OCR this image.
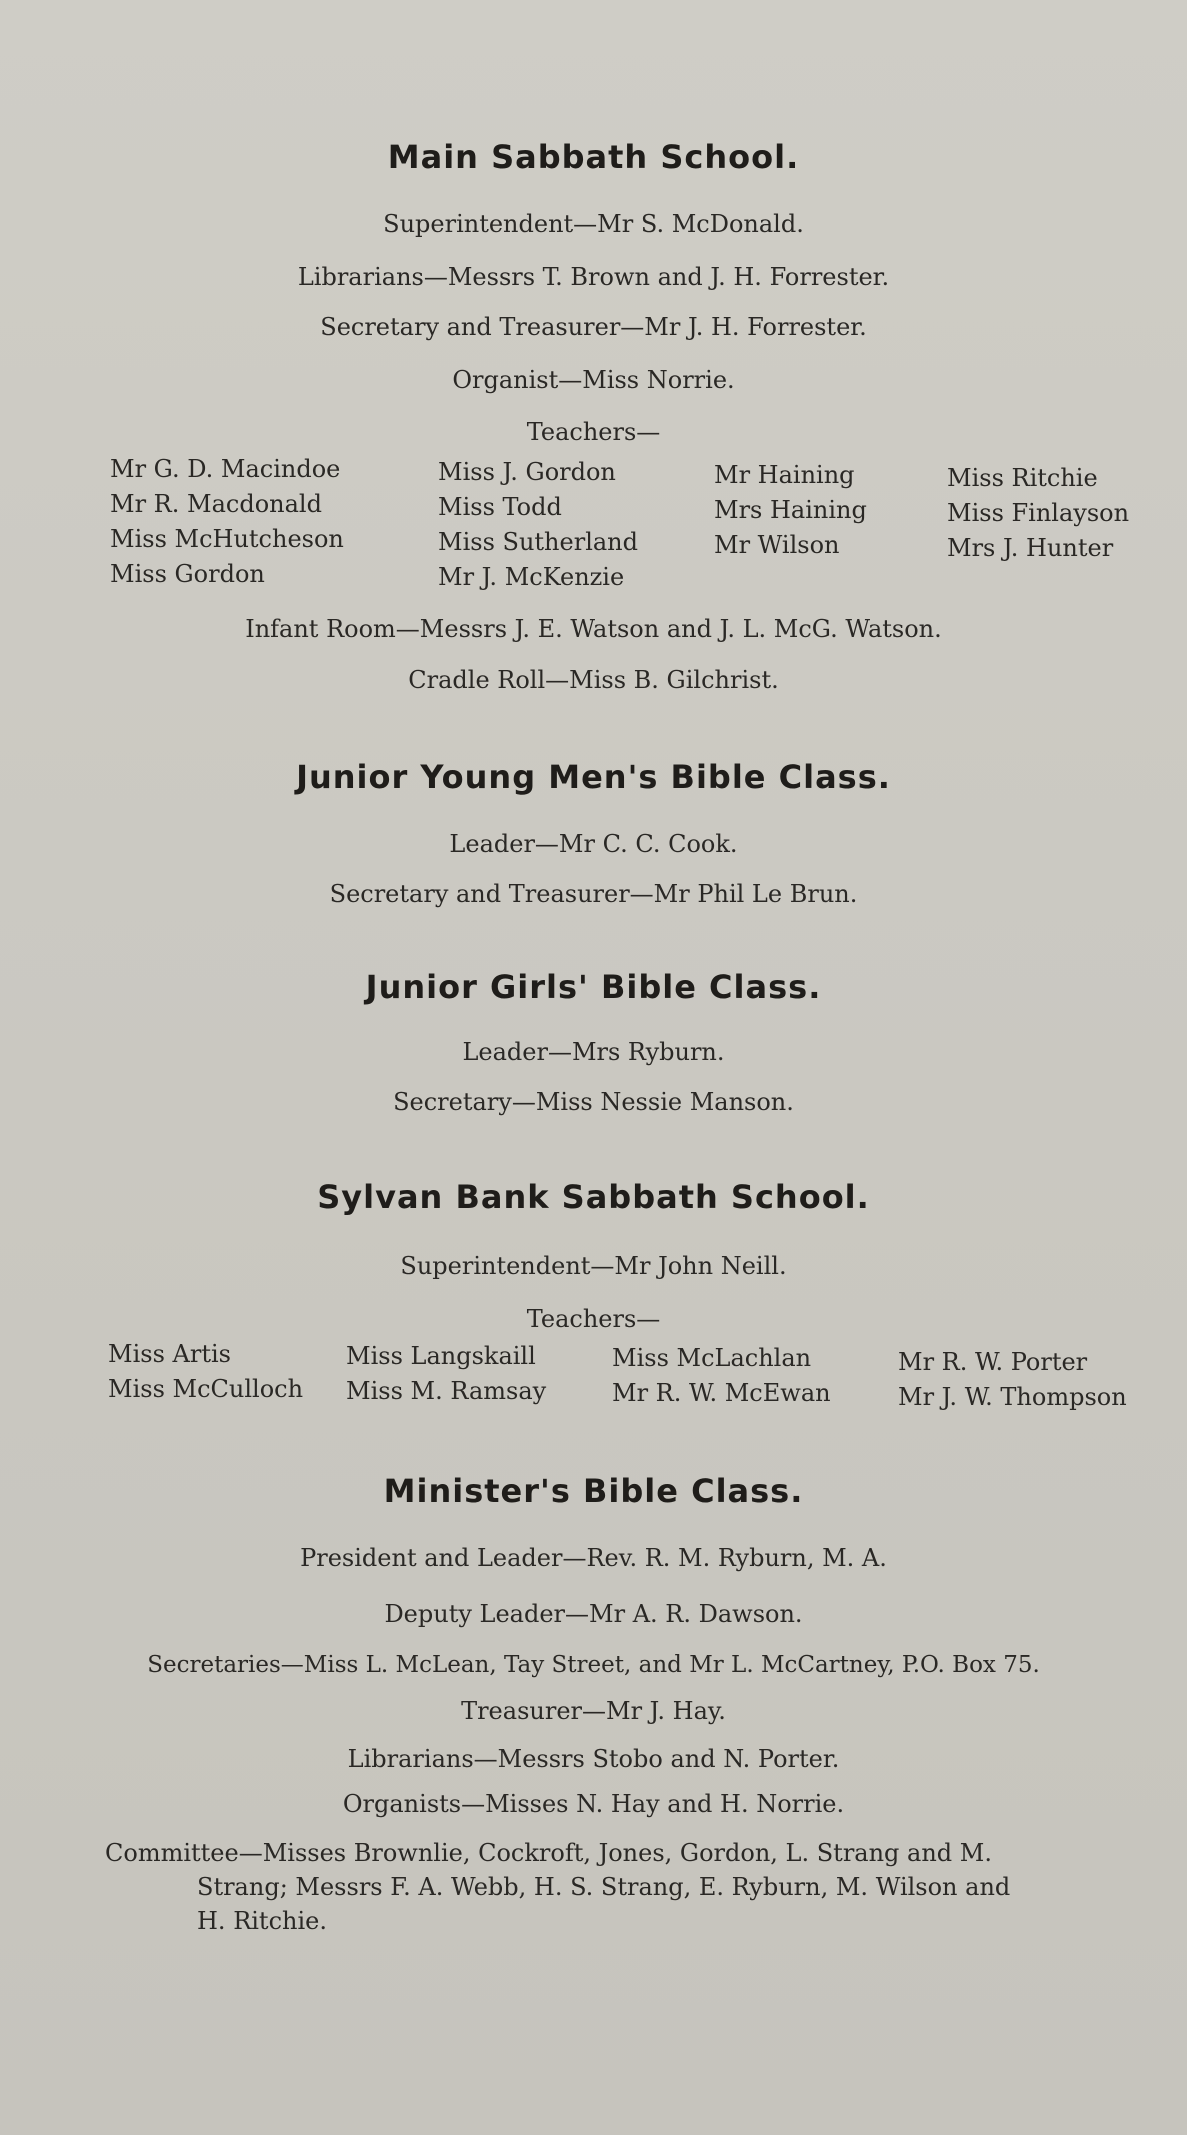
Main Sabbath School.
Superintendent—Mr S. McDonald.
Librarians—Messrs T. Brown and J. H. Forrester.
Secretary and Treasurer—Mr J. H. Forrester.
Organist—Miss Norrie.
Teachers—
Mr G. D. Macindoe
Mr R. Macdonald
Miss McHutcheson
Miss Gordon
Miss J. Gordon
Miss Todd
Miss Sutherland
Mr J. McKenzie
Mr Haining
Mrs Haining
Mr Wilson
Miss Ritchie
Miss Finlayson
Mrs J. Hunter
Infant Room—Messrs J. E. Watson and J. L. McG. Watson.
Cradle Roll—Miss B. Gilchrist.
Junior Young Men's Bible Class.
Leader—Mr C. C. Cook.
Secretary and Treasurer—Mr Phil Le Brun.
Junior Girls' Bible Class.
Leader—Mrs Ryburn.
Secretary—Miss Nessie Manson.
Sylvan Bank Sabbath School.
Superintendent—Mr John Neill.
Teachers—
Miss Artis
Miss McCulloch
Miss Langskaill
Miss M. Ramsay
Miss McLachlan
Mr R. W. McEwan
Mr R. W. Porter
Mr J. W. Thompson
Minister's Bible Class.
President and Leader—Rev. R. M. Ryburn, M. A.
Deputy Leader—Mr A. R. Dawson.
Secretaries—Miss L. McLean, Tay Street, and Mr L. McCartney, P.O. Box 75.
Treasurer—Mr J. Hay.
Librarians—Messrs Stobo and N. Porter.
Organists—Misses N. Hay and H. Norrie.
Committee—Misses Brownlie, Cockroft, Jones, Gordon, L. Strang and M.
Strang; Messrs F. A. Webb, H. S. Strang, E. Ryburn, M. Wilson and
H. Ritchie.
